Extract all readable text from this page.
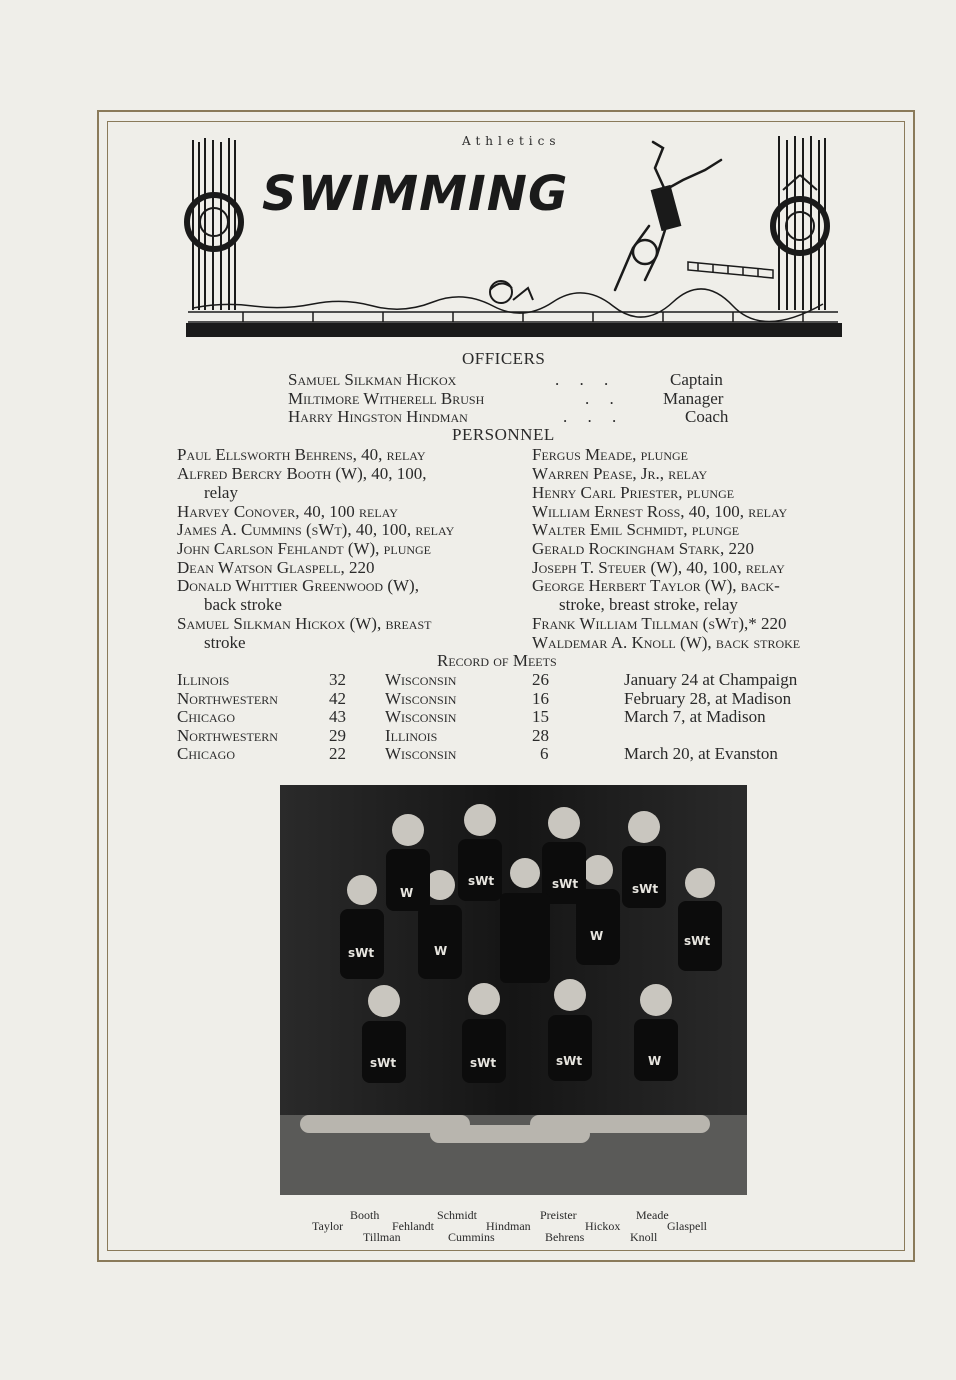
Athletics
SWIMMING
OFFICERS
Samuel Silkman Hickox	. . .	Captain
Miltimore Witherell Brush	. . Manager
Harry Hingston Hindman	. . .	Coach
PERSONNEL
Paul Ellsworth Behrens, 40, relay
Alfred Bercry Booth (W), 40, 100,
relay
Harvey Conover, 40, 100 relay
James A. Cummins (sWt), 40, 100, relay
John Carlson Fehlandt (W), plunge
Dean Watson Glaspell, 220
Donald Whittier Greenwood (W),
back stroke
Samuel Silkman Hickox (W), breast
stroke
Fergus Meade, plunge
Warren Pease, Jr., relay
Henry Carl Priester, plunge
William Ernest Ross, 40, 100, relay
Walter Emil Schmidt, plunge
Gerald Rockingham Stark, 220
Joseph T. Steuer (W), 40, 100, relay
George Herbert Taylor (W), back-
stroke, breast stroke, relay
Frank William Tillman (sWt),* 220
Waldemar A. Knoll (W), back stroke
Record of Meets
Illinois	32 Wisconsin	26	January 24 at Champaign
Northwestern	42 Wisconsin	16	February 28, at Madison
Chicago	43 Wisconsin	15	March 7, at Madison
Northwestern	29 Illinois	28
Chicago	22 Wisconsin	6	March 20, at Evanston
W
sWt	sWt	sWt
sWt	W
W	sWt
sWt	sWt	sWt	W
Booth	Schmidt	Preister	Meade
Taylor	Fehlandt	Hindman	Hickox	Glaspell
Tillman	Cummins	Behrens	Knoll
